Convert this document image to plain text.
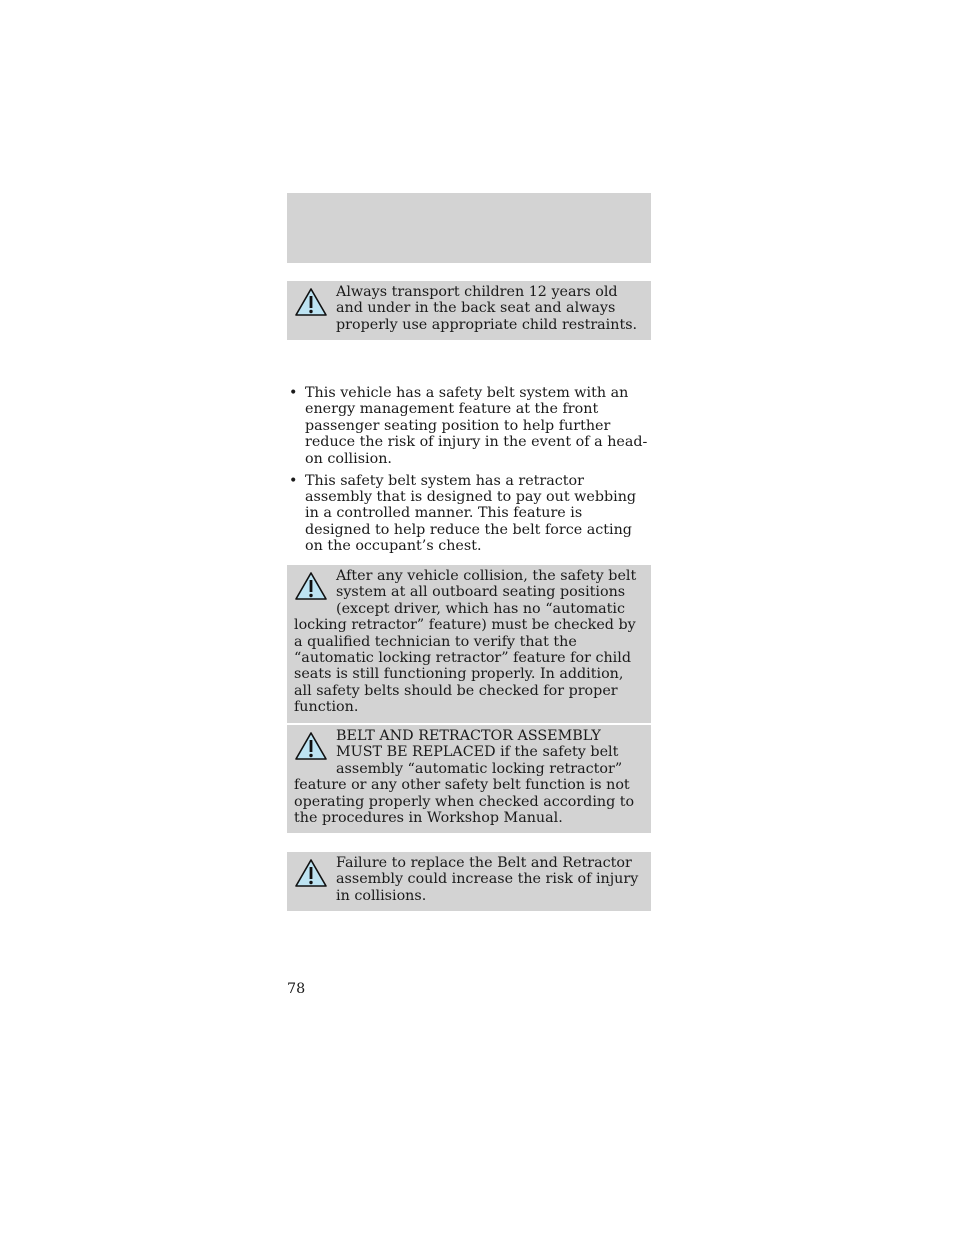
Always transport children 12 years old and under in the back seat and always properly use appropriate child restraints.
• This vehicle has a safety belt system with an energy management feature at the front passenger seating position to help further reduce the risk of injury in the event of a head-on collision.
• This safety belt system has a retractor assembly that is designed to pay out webbing in a controlled manner. This feature is designed to help reduce the belt force acting on the occupant’s chest.
After any vehicle collision, the safety belt system at all outboard seating positions (except driver, which has no “automatic locking retractor” feature) must be checked by a qualified technician to verify that the “automatic locking retractor” feature for child seats is still functioning properly. In addition, all safety belts should be checked for proper function.
BELT AND RETRACTOR ASSEMBLY MUST BE REPLACED if the safety belt assembly “automatic locking retractor” feature or any other safety belt function is not operating properly when checked according to the procedures in Workshop Manual.
Failure to replace the Belt and Retractor assembly could increase the risk of injury in collisions.
78
